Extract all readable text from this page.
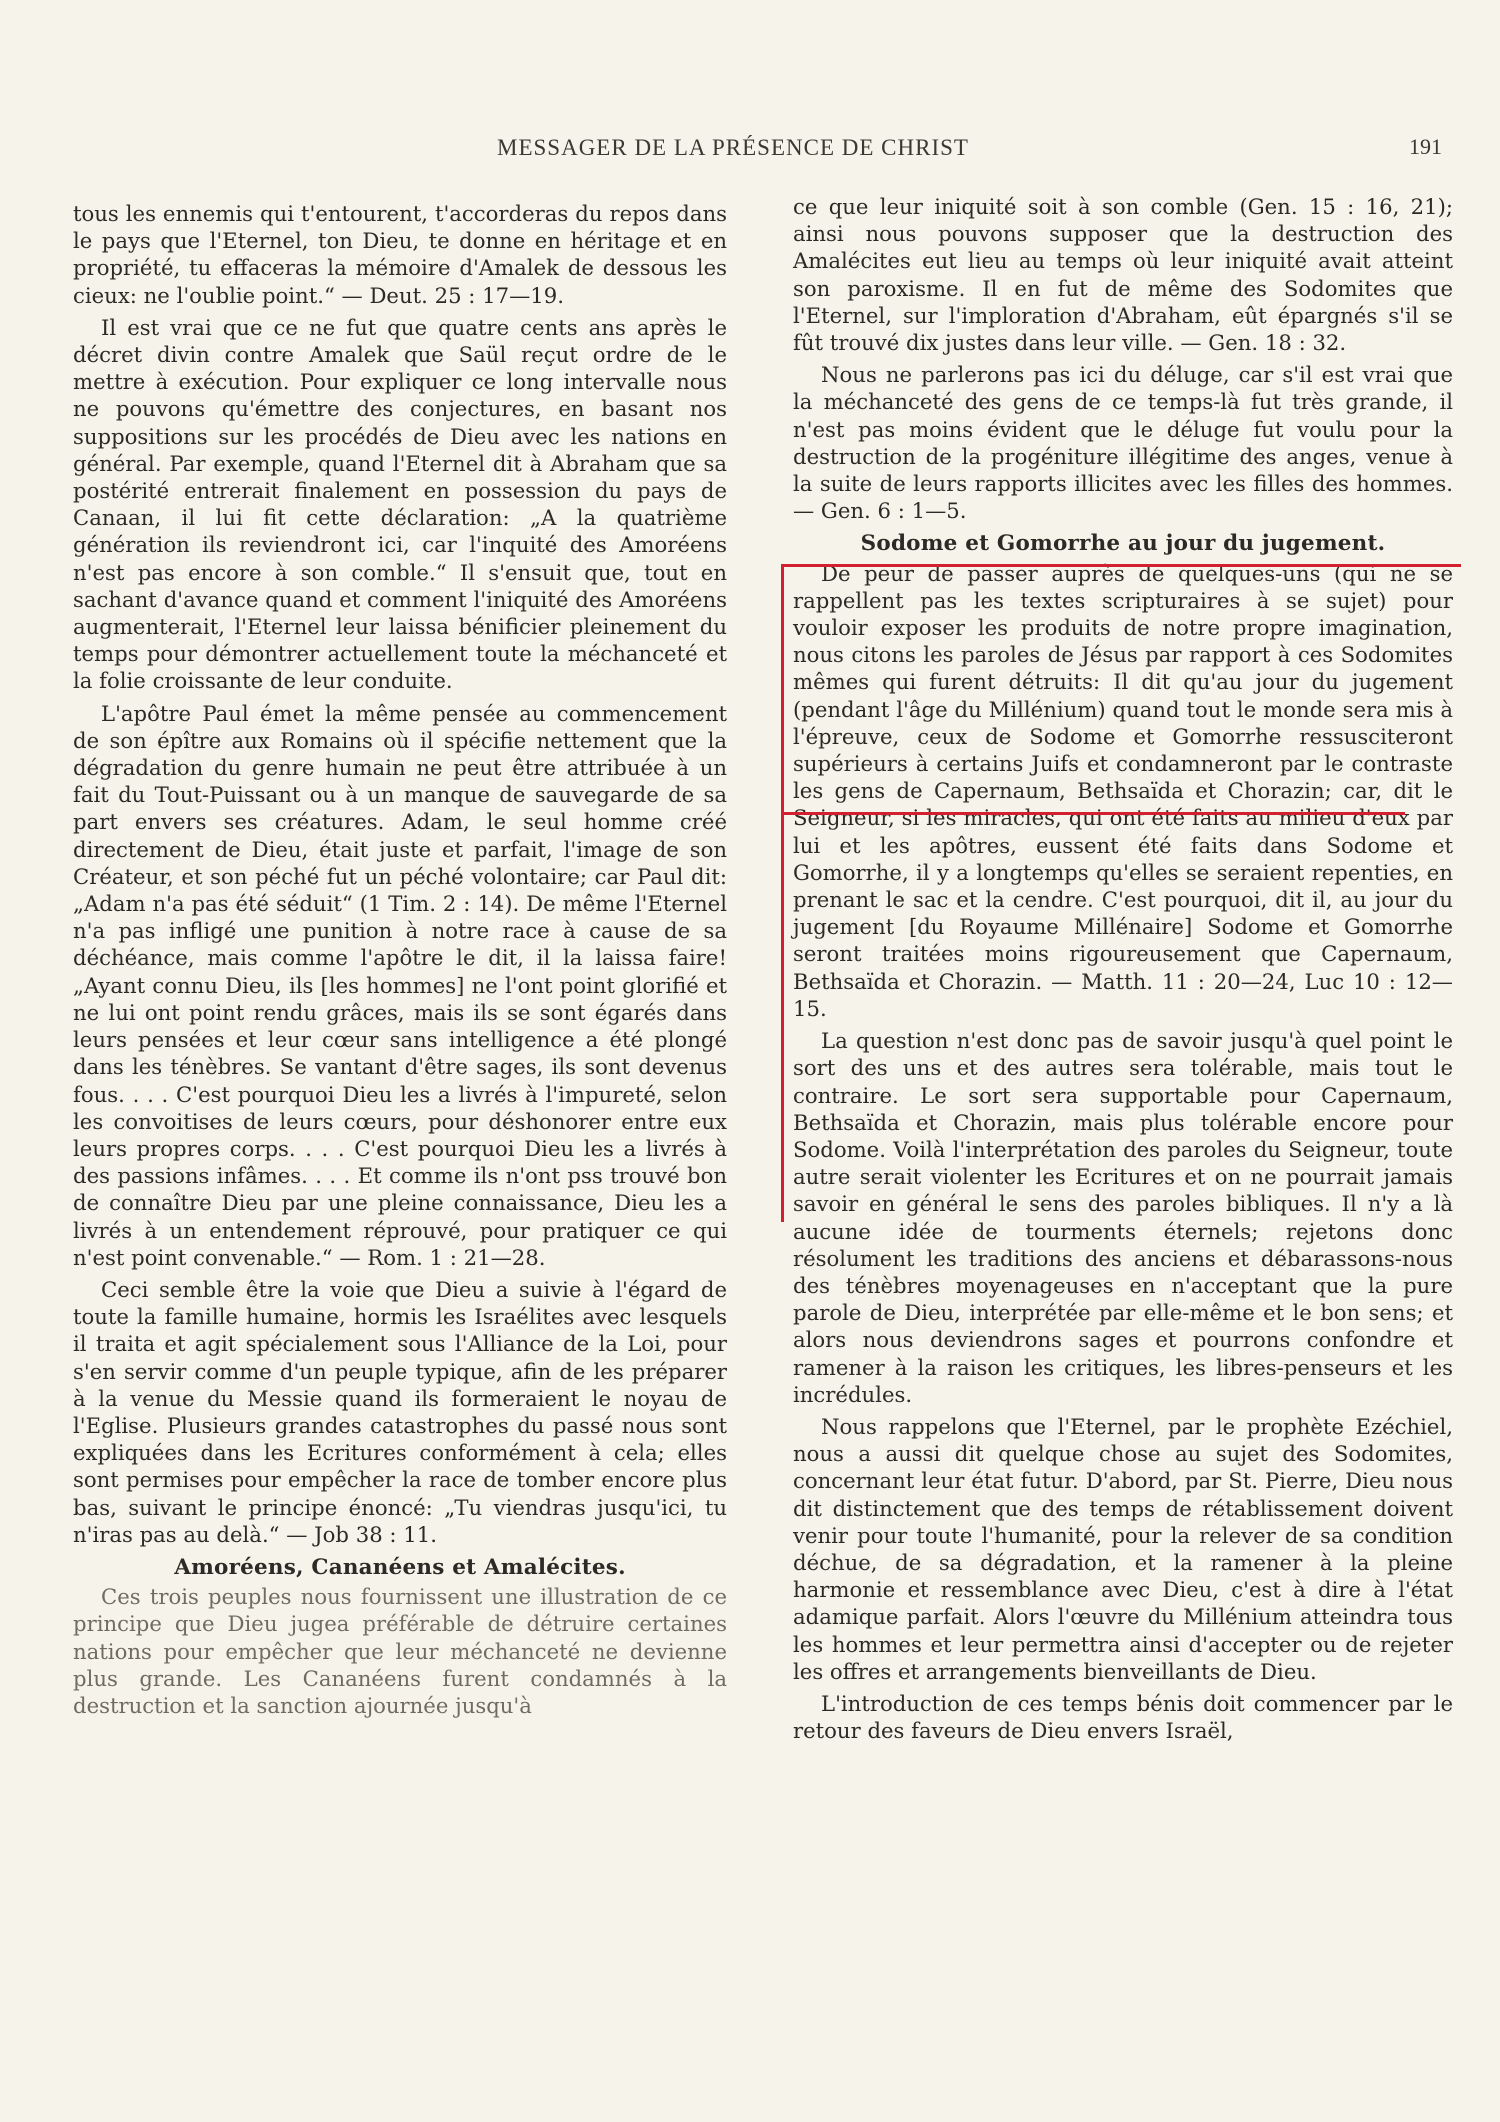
MESSAGER DE LA PRÉSENCE DE CHRIST	191

tous les ennemis qui t'entourent, t'accorderas du repos dans le pays que l'Eternel, ton Dieu, te donne en héritage et en propriété, tu effaceras la mémoire d'Amalek de dessous les cieux: ne l'oublie point.“ — Deut. 25 : 17—19.

Il est vrai que ce ne fut que quatre cents ans après le décret divin contre Amalek que Saül reçut ordre de le mettre à exécution. Pour expliquer ce long intervalle nous ne pouvons qu'émettre des conjectures, en basant nos suppositions sur les procédés de Dieu avec les nations en général. Par exemple, quand l'Eternel dit à Abraham que sa postérité entrerait finalement en possession du pays de Canaan, il lui fit cette déclaration: „A la quatrième génération ils reviendront ici, car l'inquité des Amoréens n'est pas encore à son comble.“ Il s'ensuit que, tout en sachant d'avance quand et comment l'iniquité des Amoréens augmenterait, l'Eternel leur laissa bénificier pleinement du temps pour démontrer actuellement toute la méchanceté et la folie croissante de leur conduite.

L'apôtre Paul émet la même pensée au commencement de son épître aux Romains où il spécifie nettement que la dégradation du genre humain ne peut être attribuée à un fait du Tout-Puissant ou à un manque de sauvegarde de sa part envers ses créatures. Adam, le seul homme créé directement de Dieu, était juste et parfait, l'image de son Créateur, et son péché fut un péché volontaire; car Paul dit: „Adam n'a pas été séduit“ (1 Tim. 2 : 14). De même l'Eternel n'a pas infligé une punition à notre race à cause de sa déchéance, mais comme l'apôtre le dit, il la laissa faire! „Ayant connu Dieu, ils [les hommes] ne l'ont point glorifié et ne lui ont point rendu grâces, mais ils se sont égarés dans leurs pensées et leur cœur sans intelligence a été plongé dans les ténèbres. Se vantant d'être sages, ils sont devenus fous. . . . C'est pourquoi Dieu les a livrés à l'impureté, selon les convoitises de leurs cœurs, pour déshonorer entre eux leurs propres corps. . . . C'est pourquoi Dieu les a livrés à des passions infâmes. . . . Et comme ils n'ont pss trouvé bon de connaître Dieu par une pleine connaissance, Dieu les a livrés à un entendement réprouvé, pour pratiquer ce qui n'est point convenable.“ — Rom. 1 : 21—28.

Ceci semble être la voie que Dieu a suivie à l'égard de toute la famille humaine, hormis les Israélites avec lesquels il traita et agit spécialement sous l'Alliance de la Loi, pour s'en servir comme d'un peuple typique, afin de les préparer à la venue du Messie quand ils formeraient le noyau de l'Eglise. Plusieurs grandes catastrophes du passé nous sont expliquées dans les Ecritures conformément à cela; elles sont permises pour empêcher la race de tomber encore plus bas, suivant le principe énoncé: „Tu viendras jusqu'ici, tu n'iras pas au delà.“ — Job 38 : 11.

Amoréens, Cananéens et Amalécites.

Ces trois peuples nous fournissent une illustration de ce principe que Dieu jugea préférable de détruire certaines nations pour empêcher que leur méchanceté ne devienne plus grande. Les Cananéens furent condamnés à la destruction et la sanction ajournée jusqu'à

ce que leur iniquité soit à son comble (Gen. 15 : 16, 21); ainsi nous pouvons supposer que la destruction des Amalécites eut lieu au temps où leur iniquité avait atteint son paroxisme. Il en fut de même des Sodomites que l'Eternel, sur l'imploration d'Abraham, eût épargnés s'il se fût trouvé dix justes dans leur ville. — Gen. 18 : 32.

Nous ne parlerons pas ici du déluge, car s'il est vrai que la méchanceté des gens de ce temps-là fut très grande, il n'est pas moins évident que le déluge fut voulu pour la destruction de la progéniture illégitime des anges, venue à la suite de leurs rapports illicites avec les filles des hommes. — Gen. 6 : 1—5.

Sodome et Gomorrhe au jour du jugement.

De peur de passer auprès de quelques-uns (qui ne se rappellent pas les textes scripturaires à se sujet) pour vouloir exposer les produits de notre propre imagination, nous citons les paroles de Jésus par rapport à ces Sodomites mêmes qui furent détruits: Il dit qu'au jour du jugement (pendant l'âge du Millénium) quand tout le monde sera mis à l'épreuve, ceux de Sodome et Gomorrhe ressusciteront supérieurs à certains Juifs et condamneront par le contraste les gens de Capernaum, Bethsaïda et Chorazin; car, dit le Seigneur, si les miracles, qui ont été faits au milieu d'eux par lui et les apôtres, eussent été faits dans Sodome et Gomorrhe, il y a longtemps qu'elles se seraient repenties, en prenant le sac et la cendre. C'est pourquoi, dit il, au jour du jugement [du Royaume Millénaire] Sodome et Gomorrhe seront traitées moins rigoureusement que Capernaum, Bethsaïda et Chorazin. — Matth. 11 : 20—24, Luc 10 : 12—15.

La question n'est donc pas de savoir jusqu'à quel point le sort des uns et des autres sera tolérable, mais tout le contraire. Le sort sera supportable pour Capernaum, Bethsaïda et Chorazin, mais plus tolérable encore pour Sodome. Voilà l'interprétation des paroles du Seigneur, toute autre serait violenter les Ecritures et on ne pourrait jamais savoir en général le sens des paroles bibliques. Il n'y a là aucune idée de tourments éternels; rejetons donc résolument les traditions des anciens et débarassons-nous des ténèbres moyenageuses en n'acceptant que la pure parole de Dieu, interprétée par elle-même et le bon sens; et alors nous deviendrons sages et pourrons confondre et ramener à la raison les critiques, les libres-penseurs et les incrédules.

Nous rappelons que l'Eternel, par le prophète Ezéchiel, nous a aussi dit quelque chose au sujet des Sodomites, concernant leur état futur. D'abord, par St. Pierre, Dieu nous dit distinctement que des temps de rétablissement doivent venir pour toute l'humanité, pour la relever de sa condition déchue, de sa dégradation, et la ramener à la pleine harmonie et ressemblance avec Dieu, c'est à dire à l'état adamique parfait. Alors l'œuvre du Millénium atteindra tous les hommes et leur permettra ainsi d'accepter ou de rejeter les offres et arrangements bienveillants de Dieu.

L'introduction de ces temps bénis doit commencer par le retour des faveurs de Dieu envers Israël,
